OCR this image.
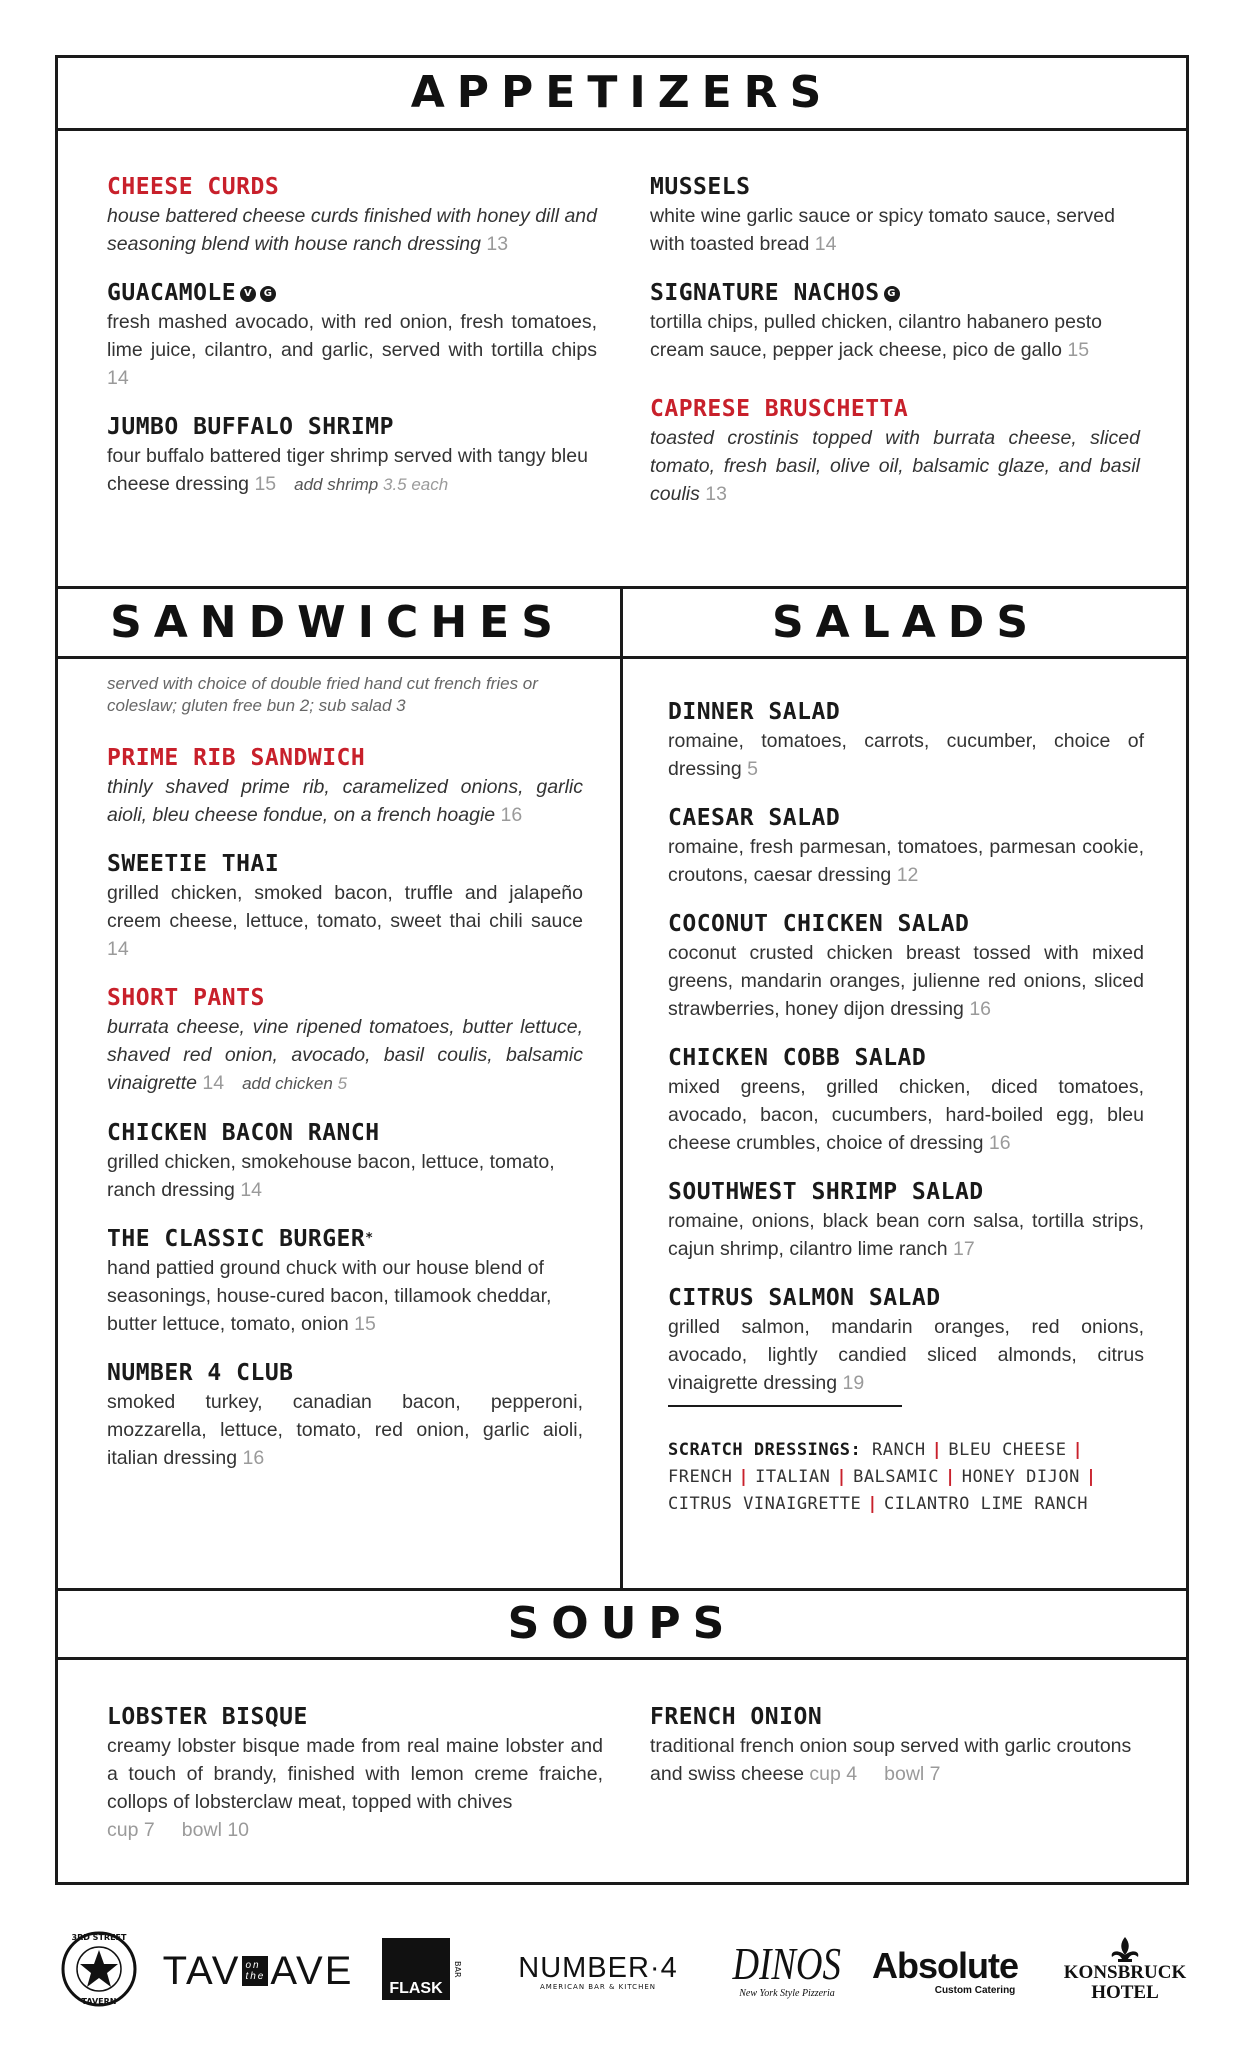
APPETIZERS
CHEESE CURDS
house battered cheese curds finished with honey dill and seasoning blend with house ranch dressing 13
GUACAMOLE V G
fresh mashed avocado, with red onion, fresh tomatoes, lime juice, cilantro, and garlic, served with tortilla chips 14
JUMBO BUFFALO SHRIMP
four buffalo battered tiger shrimp served with tangy bleu cheese dressing 15 add shrimp 3.5 each
MUSSELS
white wine garlic sauce or spicy tomato sauce, served with toasted bread 14
SIGNATURE NACHOS G
tortilla chips, pulled chicken, cilantro habanero pesto cream sauce, pepper jack cheese, pico de gallo 15
CAPRESE BRUSCHETTA
toasted crostinis topped with burrata cheese, sliced tomato, fresh basil, olive oil, balsamic glaze, and basil coulis 13
SANDWICHES
served with choice of double fried hand cut french fries or coleslaw; gluten free bun 2; sub salad 3
PRIME RIB SANDWICH
thinly shaved prime rib, caramelized onions, garlic aioli, bleu cheese fondue, on a french hoagie 16
SWEETIE THAI
grilled chicken, smoked bacon, truffle and jalapeño creem cheese, lettuce, tomato, sweet thai chili sauce 14
SHORT PANTS
burrata cheese, vine ripened tomatoes, butter lettuce, shaved red onion, avocado, basil coulis, balsamic vinaigrette 14 add chicken 5
CHICKEN BACON RANCH
grilled chicken, smokehouse bacon, lettuce, tomato, ranch dressing 14
THE CLASSIC BURGER*
hand pattied ground chuck with our house blend of seasonings, house-cured bacon, tillamook cheddar, butter lettuce, tomato, onion 15
NUMBER 4 CLUB
smoked turkey, canadian bacon, pepperoni, mozzarella, lettuce, tomato, red onion, garlic aioli, italian dressing 16
SALADS
DINNER SALAD
romaine, tomatoes, carrots, cucumber, choice of dressing 5
CAESAR SALAD
romaine, fresh parmesan, tomatoes, parmesan cookie, croutons, caesar dressing 12
COCONUT CHICKEN SALAD
coconut crusted chicken breast tossed with mixed greens, mandarin oranges, julienne red onions, sliced strawberries, honey dijon dressing 16
CHICKEN COBB SALAD
mixed greens, grilled chicken, diced tomatoes, avocado, bacon, cucumbers, hard-boiled egg, bleu cheese crumbles, choice of dressing 16
SOUTHWEST SHRIMP SALAD
romaine, onions, black bean corn salsa, tortilla strips, cajun shrimp, cilantro lime ranch 17
CITRUS SALMON SALAD
grilled salmon, mandarin oranges, red onions, avocado, lightly candied sliced almonds, citrus vinaigrette dressing 19
SCRATCH DRESSINGS: RANCH | BLEU CHEESE |
FRENCH | ITALIAN | BALSAMIC | HONEY DIJON |
CITRUS VINAIGRETTE | CILANTRO LIME RANCH
SOUPS
LOBSTER BISQUE
creamy lobster bisque made from real maine lobster and a touch of brandy, finished with lemon creme fraiche, collops of lobsterclaw meat, topped with chives
cup 7 bowl 10
FRENCH ONION
traditional french onion soup served with garlic croutons and swiss cheese cup 4 bowl 7
3RD STREET
TAVERN
TAV on
the AVE	FLASK
BAR NUMBER·4
AMERICAN BAR & KITCHEN DINOS
New York Style Pizzeria
Absolute
Custom Catering
KONSBRUCK
HOTEL
